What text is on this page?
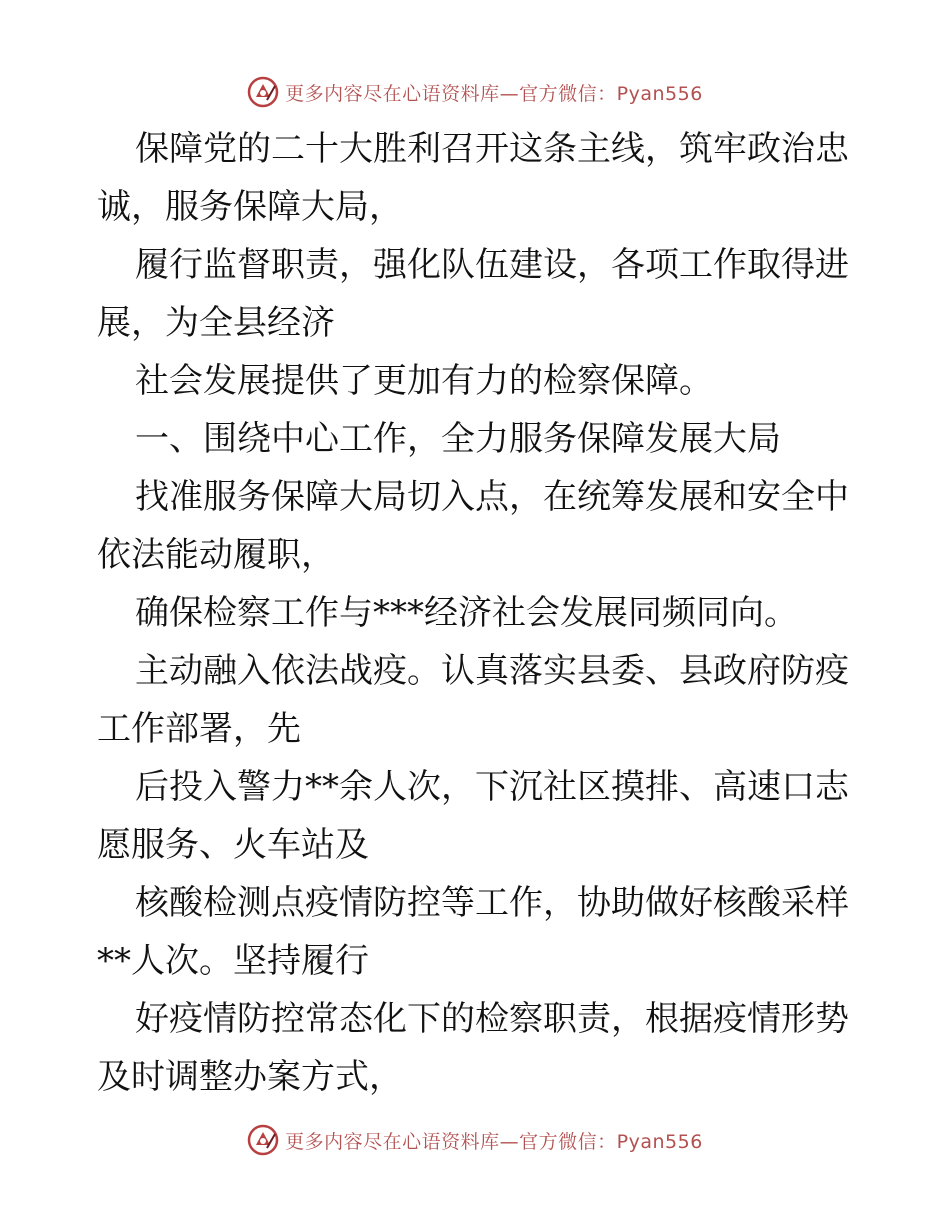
更多内容尽在心语资料库—官方微信：Pyan556

保障党的二十大胜利召开这条主线，筑牢政治忠诚，服务保障大局，

履行监督职责，强化队伍建设，各项工作取得进展，为全县经济

社会发展提供了更加有力的检察保障。

一、围绕中心工作，全力服务保障发展大局

找准服务保障大局切入点，在统筹发展和安全中依法能动履职，

确保检察工作与***经济社会发展同频同向。

主动融入依法战疫。认真落实县委、县政府防疫工作部署，先

后投入警力**余人次，下沉社区摸排、高速口志愿服务、火车站及

核酸检测点疫情防控等工作，协助做好核酸采样**人次。坚持履行

好疫情防控常态化下的检察职责，根据疫情形势及时调整办案方式，

更多内容尽在心语资料库—官方微信：Pyan556
